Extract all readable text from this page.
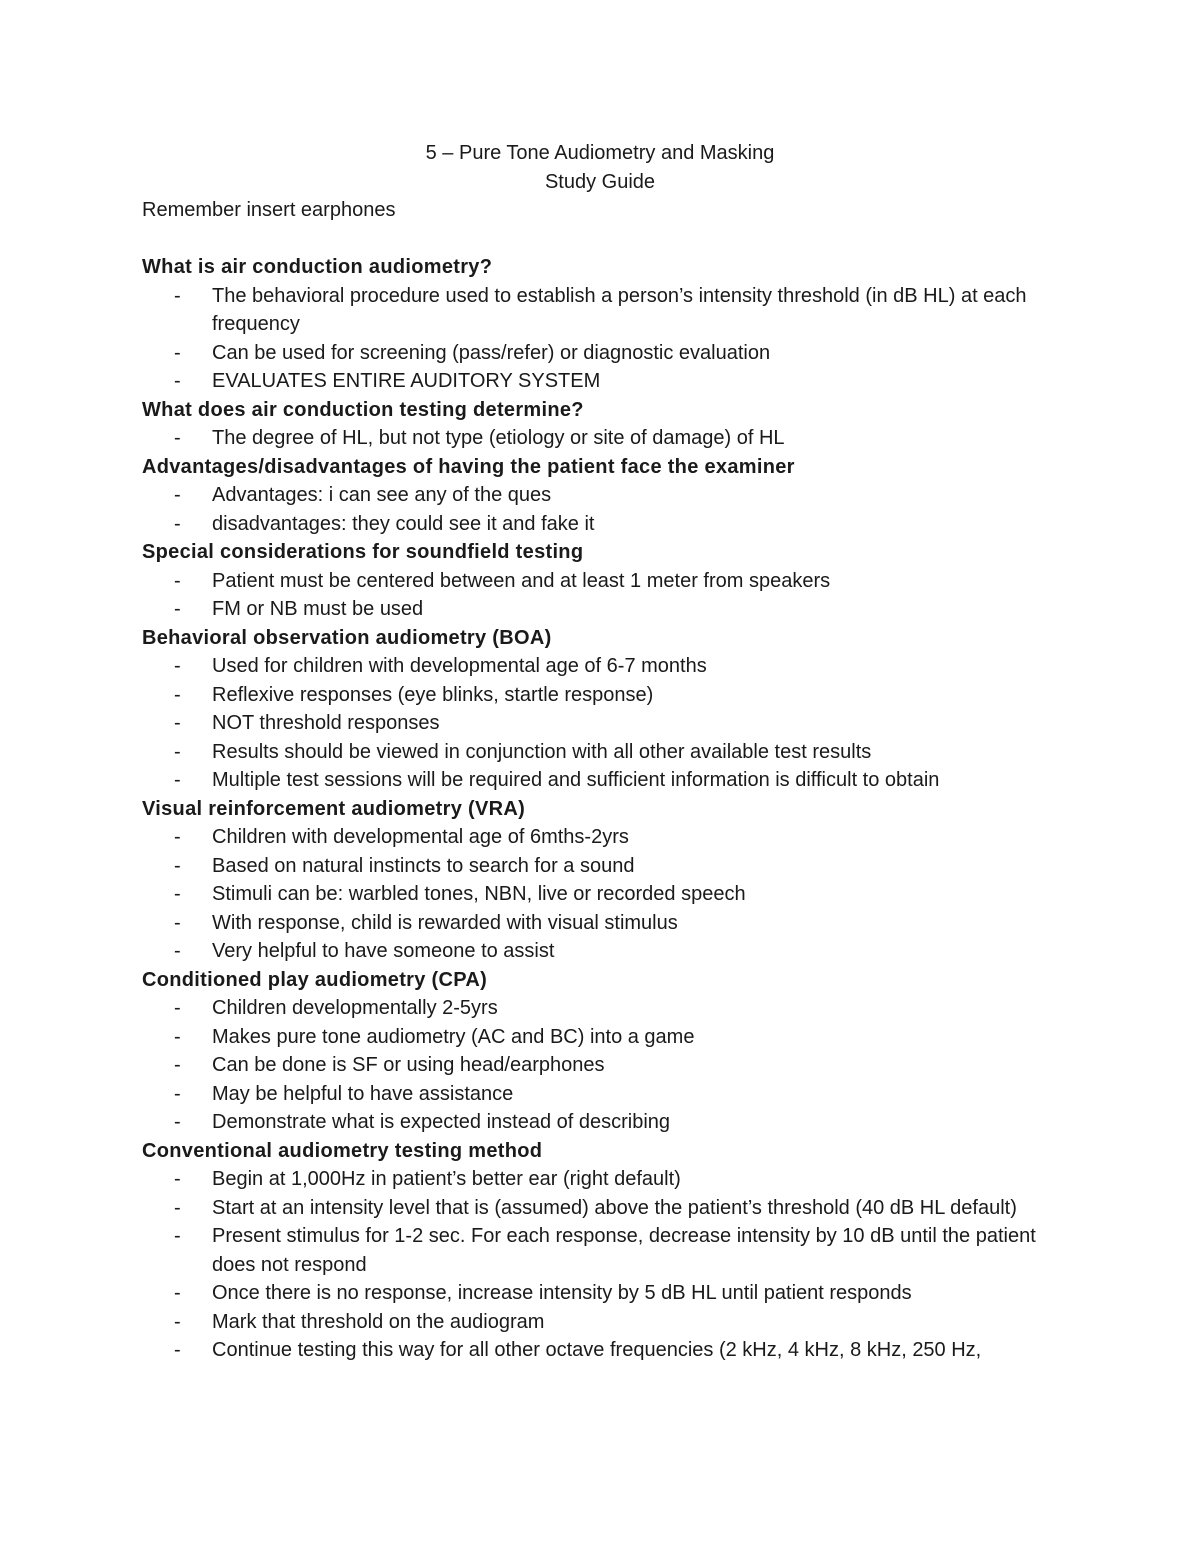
5 – Pure Tone Audiometry and Masking
Study Guide
Remember insert earphones
What is air conduction audiometry?
- The behavioral procedure used to establish a person’s intensity threshold (in dB HL) at each frequency
- Can be used for screening (pass/refer) or diagnostic evaluation
- EVALUATES ENTIRE AUDITORY SYSTEM
What does air conduction testing determine?
- The degree of HL, but not type (etiology or site of damage) of HL
Advantages/disadvantages of having the patient face the examiner
- Advantages: i can see any of the ques
- disadvantages: they could see it and fake it
Special considerations for soundfield testing
- Patient must be centered between and at least 1 meter from speakers
- FM or NB must be used
Behavioral observation audiometry (BOA)
- Used for children with developmental age of 6-7 months
- Reflexive responses (eye blinks, startle response)
- NOT threshold responses
- Results should be viewed in conjunction with all other available test results
- Multiple test sessions will be required and sufficient information is difficult to obtain
Visual reinforcement audiometry (VRA)
- Children with developmental age of 6mths-2yrs
- Based on natural instincts to search for a sound
- Stimuli can be: warbled tones, NBN, live or recorded speech
- With response, child is rewarded with visual stimulus
- Very helpful to have someone to assist
Conditioned play audiometry (CPA)
- Children developmentally 2-5yrs
- Makes pure tone audiometry (AC and BC) into a game
- Can be done is SF or using head/earphones
- May be helpful to have assistance
- Demonstrate what is expected instead of describing
Conventional audiometry testing method
- Begin at 1,000Hz in patient’s better ear (right default)
- Start at an intensity level that is (assumed) above the patient’s threshold (40 dB HL default)
- Present stimulus for 1-2 sec. For each response, decrease intensity by 10 dB until the patient does not respond
- Once there is no response, increase intensity by 5 dB HL until patient responds
- Mark that threshold on the audiogram
- Continue testing this way for all other octave frequencies (2 kHz, 4 kHz, 8 kHz, 250 Hz,
